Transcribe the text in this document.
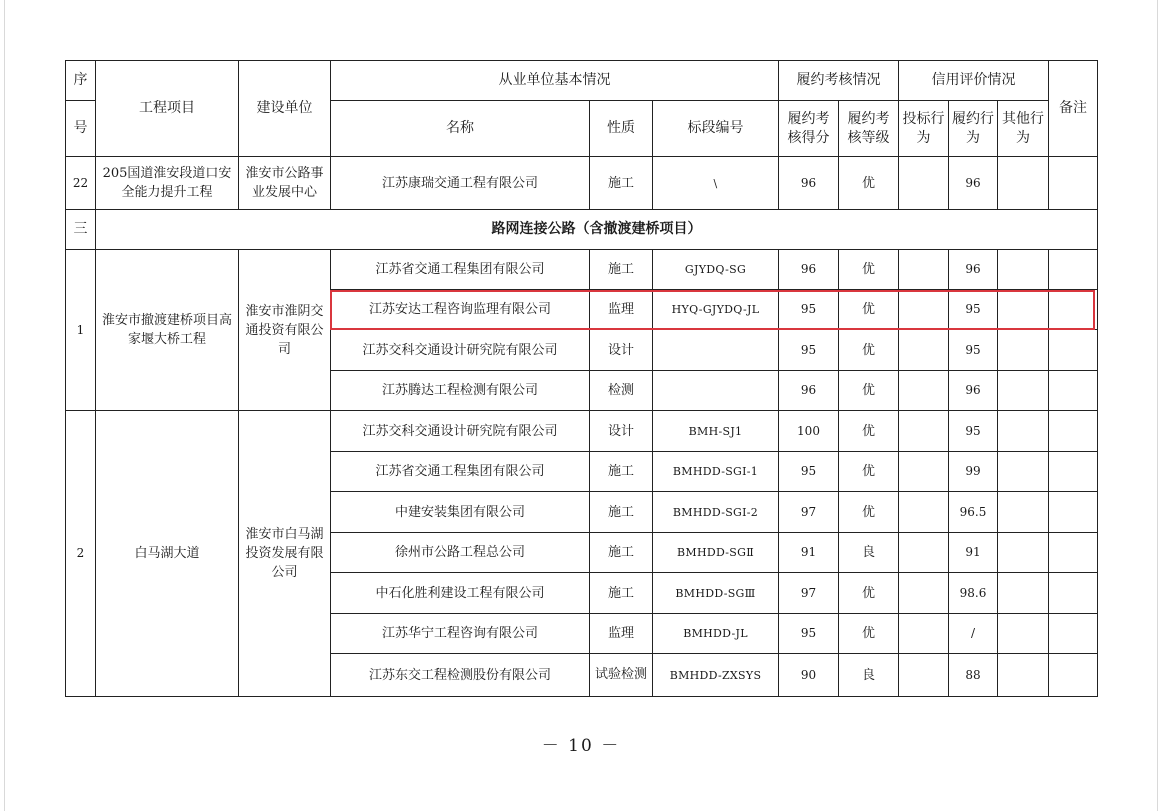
序	工程项目	建设单位	从业单位基本情况			履约考核情况		信用评价情况			备注
号			名称	性质	标段编号	履约考核得分	履约考核等级	投标行为	履约行为	其他行为	
22	205国道淮安段道口安全能力提升工程	淮安市公路事业发展中心	江苏康瑞交通工程有限公司	施工	\	96	优		96		
三	路网连接公路（含撤渡建桥项目）										
1	淮安市撤渡建桥项目高家堰大桥工程	淮安市淮阴交通投资有限公司	江苏省交通工程集团有限公司	施工	GJYDQ-SG	96	优		96		
			江苏安达工程咨询监理有限公司	监理	HYQ-GJYDQ-JL	95	优		95		
			江苏交科交通设计研究院有限公司	设计		95	优		95		
			江苏腾达工程检测有限公司	检测		96	优		96		
2	白马湖大道	淮安市白马湖投资发展有限公司	江苏交科交通设计研究院有限公司	设计	BMH-SJ1	100	优		95		
			江苏省交通工程集团有限公司	施工	BMHDD-SGⅠ-1	95	优		99		
			中建安装集团有限公司	施工	BMHDD-SGⅠ-2	97	优		96.5		
			徐州市公路工程总公司	施工	BMHDD-SGⅡ	91	良		91		
			中石化胜利建设工程有限公司	施工	BMHDD-SGⅢ	97	优		98.6		
			江苏华宁工程咨询有限公司	监理	BMHDD-JL	95	优		/		
			江苏东交工程检测股份有限公司	试验检测	BMHDD-ZXSYS	90	良		88		
－ 10 －
